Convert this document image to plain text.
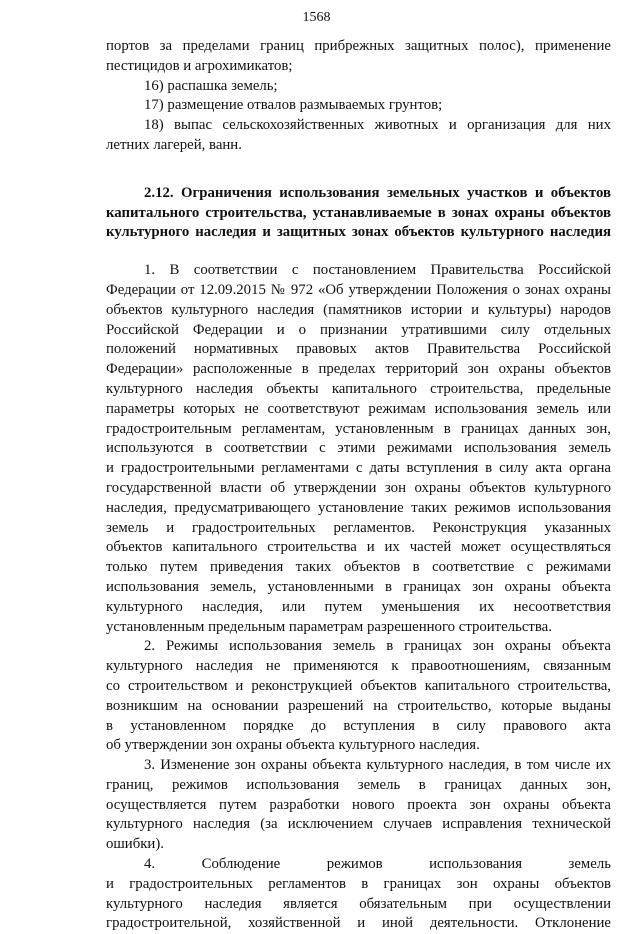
1568
портов за пределами границ прибрежных защитных полос), применение
пестицидов и агрохимикатов;
16) распашка земель;
17) размещение отвалов размываемых грунтов;
18) выпас сельскохозяйственных животных и организация для них
летних лагерей, ванн.
2.12. Ограничения использования земельных участков и объектов
капитального строительства, устанавливаемые в зонах охраны объектов
культурного наследия и защитных зонах объектов культурного наследия
1. В соответствии с постановлением Правительства Российской
Федерации от 12.09.2015 № 972 «Об утверждении Положения о зонах охраны
объектов культурного наследия (памятников истории и культуры) народов
Российской Федерации и о признании утратившими силу отдельных
положений нормативных правовых актов Правительства Российской
Федерации» расположенные в пределах территорий зон охраны объектов
культурного наследия объекты капитального строительства, предельные
параметры которых не соответствуют режимам использования земель или
градостроительным регламентам, установленным в границах данных зон,
используются в соответствии с этими режимами использования земель
и градостроительными регламентами с даты вступления в силу акта органа
государственной власти об утверждении зон охраны объектов культурного
наследия, предусматривающего установление таких режимов использования
земель и градостроительных регламентов. Реконструкция указанных
объектов капитального строительства и их частей может осуществляться
только путем приведения таких объектов в соответствие с режимами
использования земель, установленными в границах зон охраны объекта
культурного наследия, или путем уменьшения их несоответствия
установленным предельным параметрам разрешенного строительства.
2. Режимы использования земель в границах зон охраны объекта
культурного наследия не применяются к правоотношениям, связанным
со строительством и реконструкцией объектов капитального строительства,
возникшим на основании разрешений на строительство, которые выданы
в установленном порядке до вступления в силу правового акта
об утверждении зон охраны объекта культурного наследия.
3. Изменение зон охраны объекта культурного наследия, в том числе их
границ, режимов использования земель в границах данных зон,
осуществляется путем разработки нового проекта зон охраны объекта
культурного наследия (за исключением случаев исправления технической
ошибки).
4. Соблюдение режимов использования земель
и градостроительных регламентов в границах зон охраны объектов
культурного наследия является обязательным при осуществлении
градостроительной, хозяйственной и иной деятельности. Отклонение
